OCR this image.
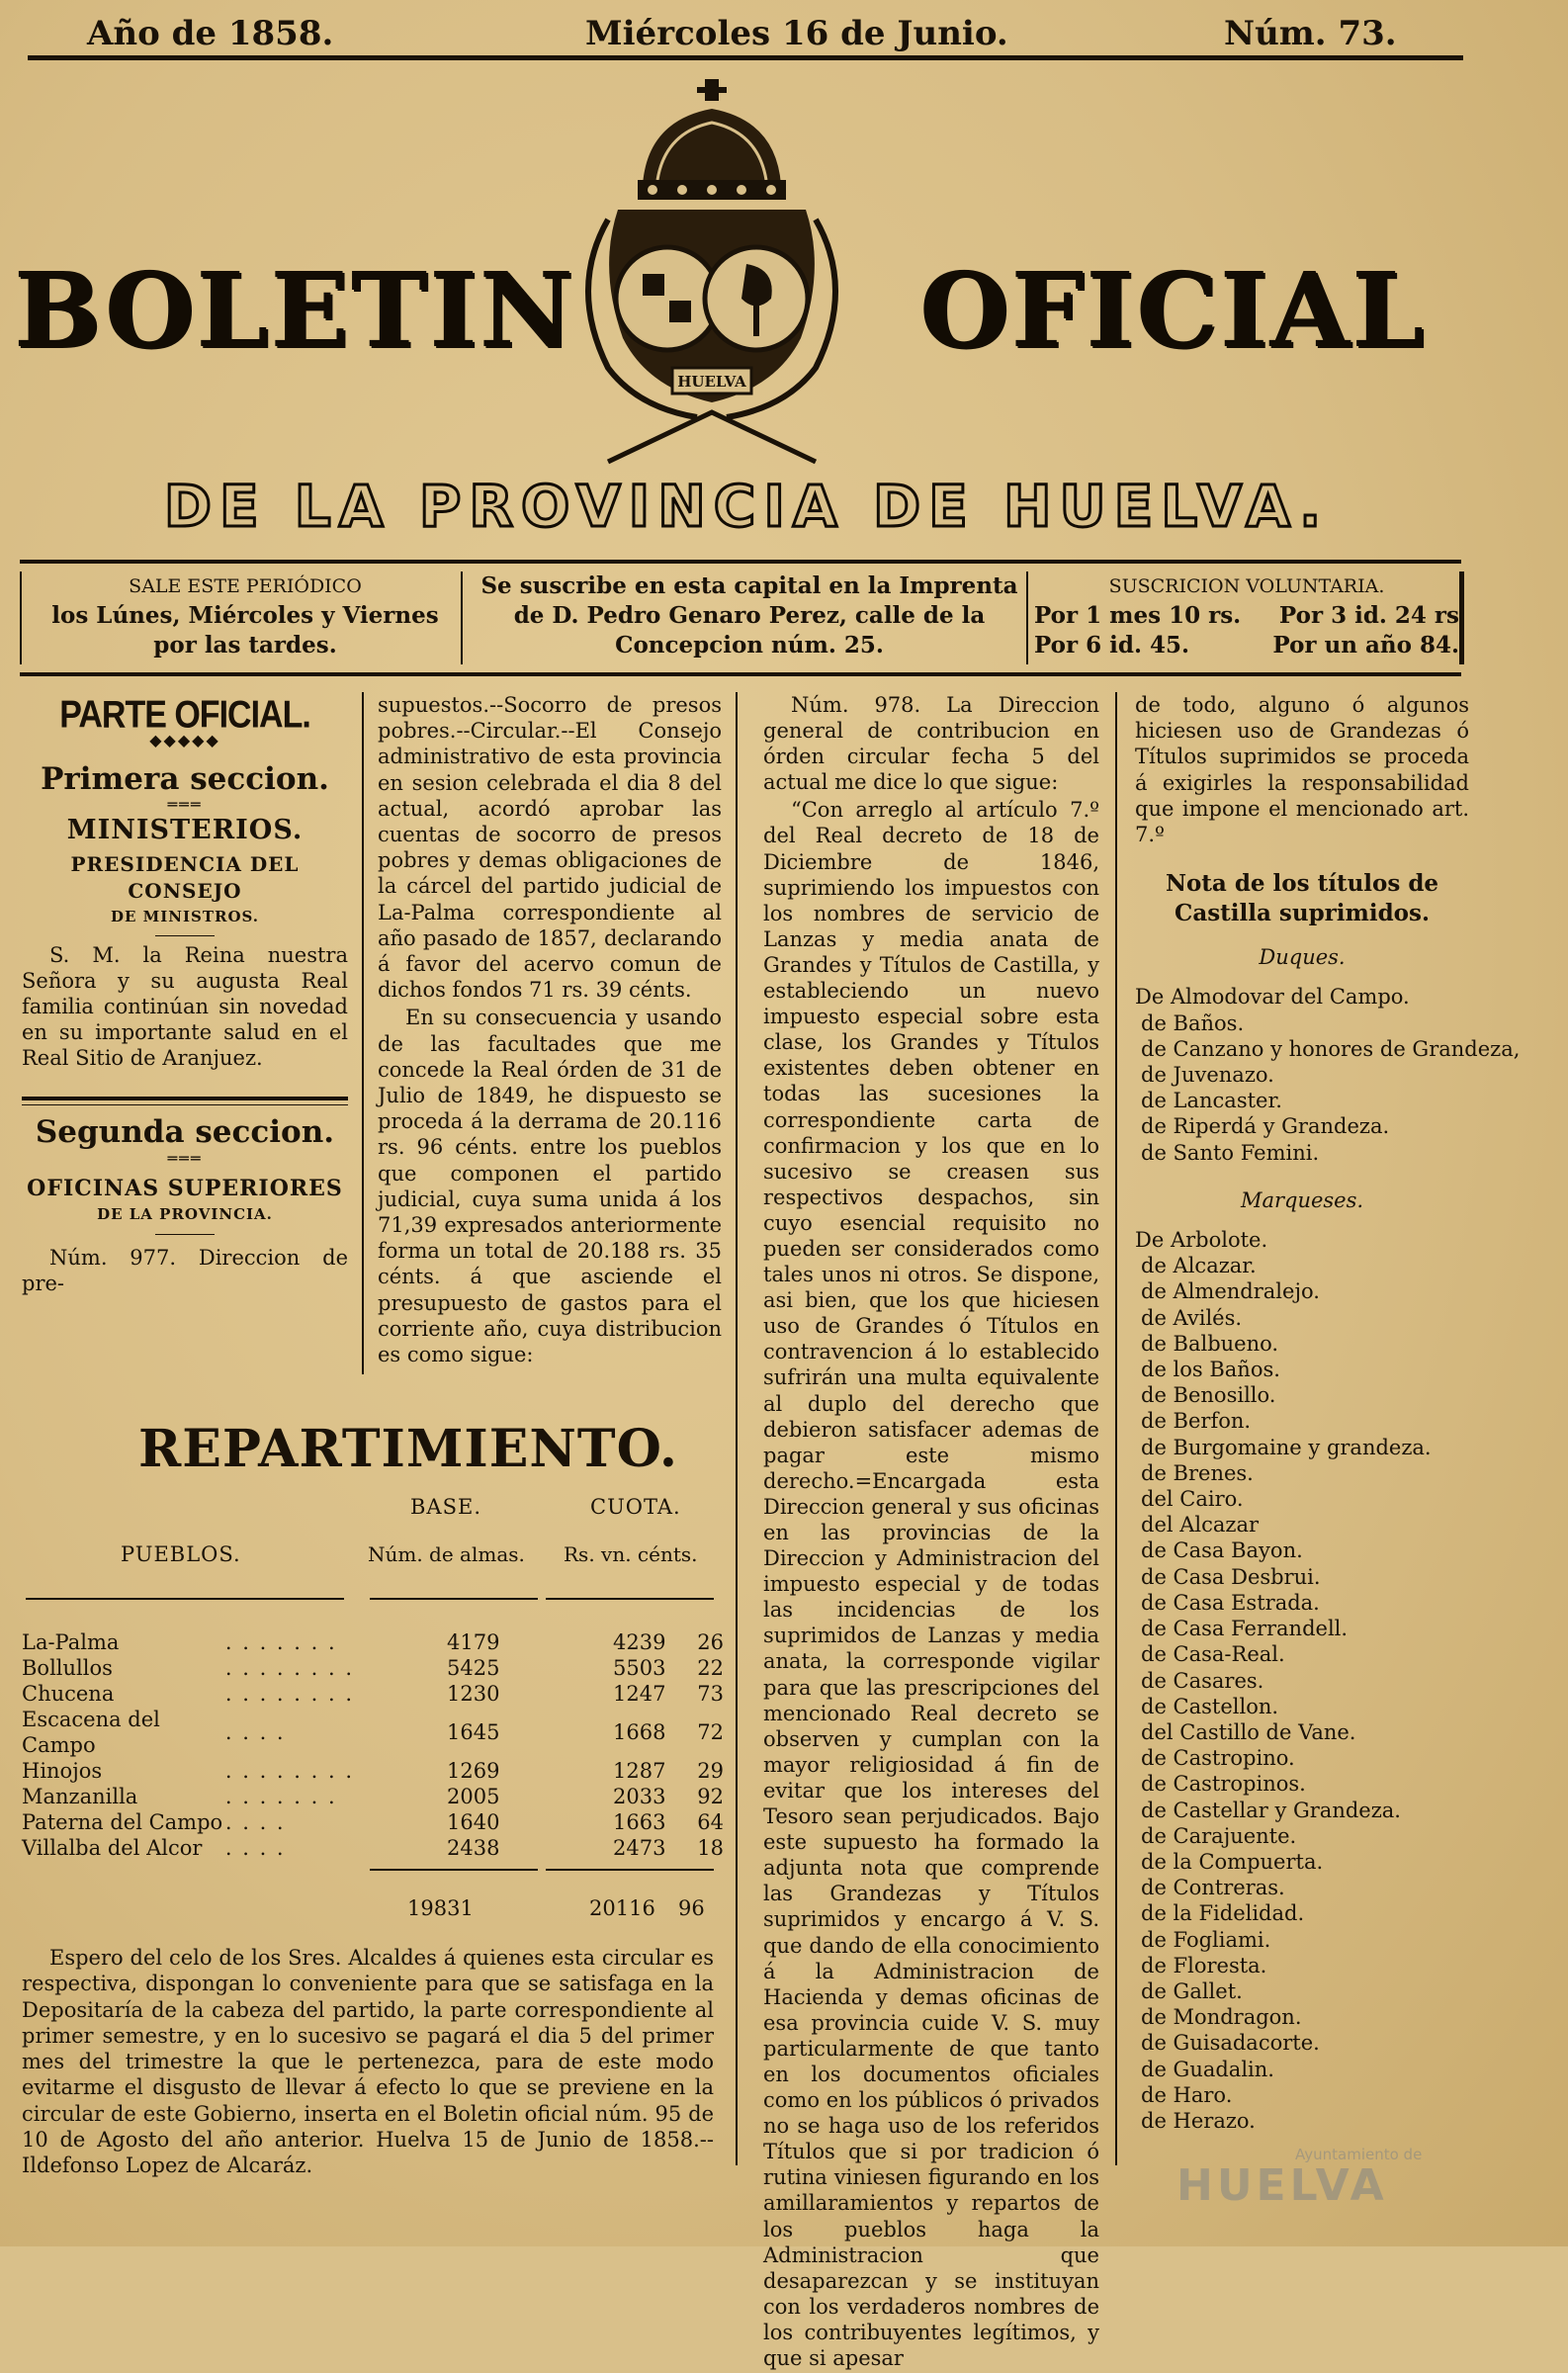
Año de 1858.	Miércoles 16 de Junio.	Núm. 73.
BOLETIN	OFICIAL
HUELVA
DE LA PROVINCIA DE HUELVA.
SALE ESTE PERIÓDICO
los Lúnes, Miércoles y Viernes
por las tardes.
Se suscribe en esta capital en la Imprenta
de D. Pedro Genaro Perez, calle de la
Concepcion núm. 25.
SUSCRICION VOLUNTARIA.
Por 1 mes 10 rs. Por 3 id. 24 rs
Por 6 id. 45.	Por un año 84.
PARTE OFICIAL.
◆◆◆◆◆
Primera seccion.
═══
MINISTERIOS.
PRESIDENCIA DEL CONSEJO
DE MINISTROS.

S. M. la Reina nuestra Señora y su augusta Real familia continúan sin novedad en su importante salud en el Real Sitio de Aranjuez.

Segunda seccion.
═══
OFICINAS SUPERIORES
DE LA PROVINCIA.

Núm. 977. Direccion de pre-

supuestos.--Socorro de presos pobres.--Circular.--El Consejo administrativo de esta provincia en sesion celebrada el dia 8 del actual, acordó aprobar las cuentas de socorro de presos pobres y demas obligaciones de la cárcel del partido judicial de La-Palma correspondiente al año pasado de 1857, declarando á favor del acervo comun de dichos fondos 71 rs. 39 cénts.

En su consecuencia y usando de las facultades que me concede la Real órden de 31 de Julio de 1849, he dispuesto se proceda á la derrama de 20.116 rs. 96 cénts. entre los pueblos que componen el partido judicial, cuya suma unida á los 71,39 expresados anteriormente forma un total de 20.188 rs. 35 cénts. á que asciende el presupuesto de gastos para el corriente año, cuya distribucion es como sigue:

REPARTIMIENTO.
BASE.	CUOTA.
PUEBLOS.	Núm. de almas. Rs. vn. cénts.
La-Palma	. . . . . . .	4179	4239	26
Bollullos	. . . . . . . .	5425	5503	22
Chucena	. . . . . . . .	1230	1247	73
Escacena del Campo	. . . .	1645	1668	72
Hinojos	. . . . . . . .	1269	1287	29
Manzanilla	. . . . . . .	2005	2033	92
Paterna del Campo	. . . .	1640	1663	64
Villalba del Alcor	. . . .	2438	2473	18
19831	20116 96

Espero del celo de los Sres. Alcaldes á quienes esta circular es respectiva, dispongan lo conveniente para que se satisfaga en la Depositaría de la cabeza del partido, la parte correspondiente al primer semestre, y en lo sucesivo se pagará el dia 5 del primer mes del trimestre la que le pertenezca, para de este modo evitarme el disgusto de llevar á efecto lo que se previene en la circular de este Gobierno, inserta en el Boletin oficial núm. 95 de 10 de Agosto del año anterior. Huelva 15 de Junio de 1858.--Ildefonso Lopez de Alcaráz.

Núm. 978. La Direccion general de contribucion en órden circular fecha 5 del actual me dice lo que sigue:

“Con arreglo al artículo 7.º del Real decreto de 18 de Diciembre de 1846, suprimiendo los impuestos con los nombres de servicio de Lanzas y media anata de Grandes y Títulos de Castilla, y estableciendo un nuevo impuesto especial sobre esta clase, los Grandes y Títulos existentes deben obtener en todas las sucesiones la correspondiente carta de confirmacion y los que en lo sucesivo se creasen sus respectivos despachos, sin cuyo esencial requisito no pueden ser considerados como tales unos ni otros. Se dispone, asi bien, que los que hiciesen uso de Grandes ó Títulos en contravencion á lo establecido sufrirán una multa equivalente al duplo del derecho que debieron satisfacer ademas de pagar este mismo derecho.=Encargada esta Direccion general y sus oficinas en las provincias de la Direccion y Administracion del impuesto especial y de todas las incidencias de los suprimidos de Lanzas y media anata, la corresponde vigilar para que las prescripciones del mencionado Real decreto se observen y cumplan con la mayor religiosidad á fin de evitar que los intereses del Tesoro sean perjudicados. Bajo este supuesto ha formado la adjunta nota que comprende las Grandezas y Títulos suprimidos y encargo á V. S. que dando de ella conocimiento á la Administracion de Hacienda y demas oficinas de esa provincia cuide V. S. muy particularmente de que tanto en los documentos oficiales como en los públicos ó privados no se haga uso de los referidos Títulos que si por tradicion ó rutina viniesen figurando en los amillaramientos y repartos de los pueblos haga la Administracion que desaparezcan y se instituyan con los verdaderos nombres de los contribuyentes legítimos, y que si apesar

de todo, alguno ó algunos hiciesen uso de Grandezas ó Títulos suprimidos se proceda á exigirles la responsabilidad que impone el mencionado art. 7.º

Nota de los títulos de Castilla suprimidos.
Duques.
De Almodovar del Campo.
de Baños.
de Canzano y honores de Grandeza,
de Juvenazo.
de Lancaster.
de Riperdá y Grandeza.
de Santo Femini.
Marqueses.
De Arbolote.
de Alcazar.
de Almendralejo.
de Avilés.
de Balbueno.
de los Baños.
de Benosillo.
de Berfon.
de Burgomaine y grandeza.
de Brenes.
del Cairo.
del Alcazar
de Casa Bayon.
de Casa Desbrui.
de Casa Estrada.
de Casa Ferrandell.
de Casa-Real.
de Casares.
de Castellon.
del Castillo de Vane.
de Castropino.
de Castropinos.
de Castellar y Grandeza.
de Carajuente.
de la Compuerta.
de Contreras.
de la Fidelidad.
de Fogliami.
de Floresta.
de Gallet.
de Mondragon.
de Guisadacorte.
de Guadalin.
de Haro.
de Herazo.
Ayuntamiento de
HUELVA
